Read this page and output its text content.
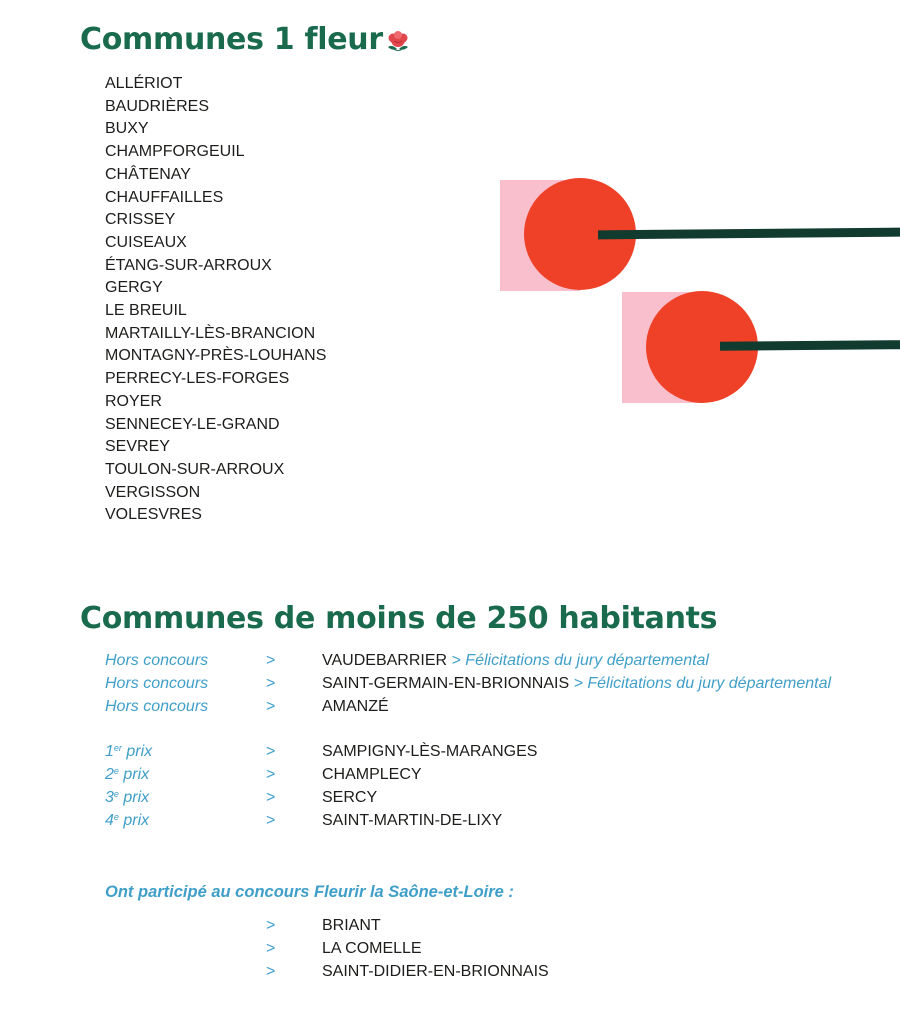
Communes 1 fleur
ALLÉRIOT
BAUDRIÈRES
BUXY
CHAMPFORGEUIL
CHÂTENAY
CHAUFFAILLES
CRISSEY
CUISEAUX
ÉTANG-SUR-ARROUX
GERGY
LE BREUIL
MARTAILLY-LÈS-BRANCION
MONTAGNY-PRÈS-LOUHANS
PERRECY-LES-FORGES
ROYER
SENNECEY-LE-GRAND
SEVREY
TOULON-SUR-ARROUX
VERGISSON
VOLESVRES
Communes de moins de 250 habitants
Hors concours	>	VAUDEBARRIER > Félicitations du jury départemental
Hors concours	>	SAINT-GERMAIN-EN-BRIONNAIS > Félicitations du jury départemental
Hors concours	>	AMANZÉ
1er prix	>	SAMPIGNY-LÈS-MARANGES
2e prix	>	CHAMPLECY
3e prix	>	SERCY
4e prix	>	SAINT-MARTIN-DE-LIXY
Ont participé au concours Fleurir la Saône-et-Loire :
>	BRIANT
>	LA COMELLE
>	SAINT-DIDIER-EN-BRIONNAIS
